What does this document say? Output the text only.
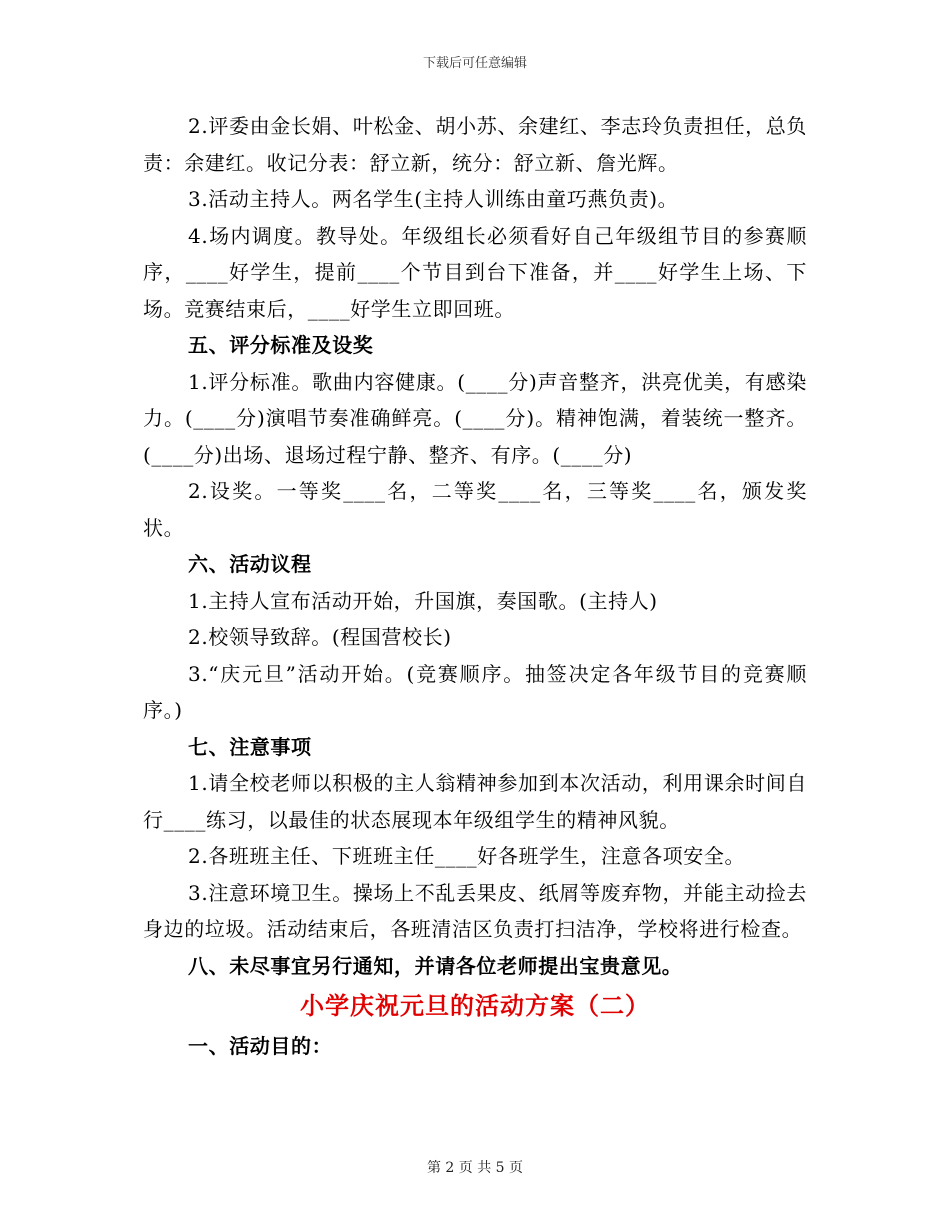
下载后可任意编辑

2.评委由金长娟、叶松金、胡小苏、余建红、李志玲负责担任，总负责：余建红。收记分表：舒立新，统分：舒立新、詹光辉。

3.活动主持人。两名学生(主持人训练由童巧燕负责)。

4.场内调度。教导处。年级组长必须看好自己年级组节目的参赛顺序，____好学生，提前____个节目到台下准备，并____好学生上场、下场。竞赛结束后，____好学生立即回班。

五、评分标准及设奖

1.评分标准。歌曲内容健康。(____分)声音整齐，洪亮优美，有感染力。(____分)演唱节奏准确鲜亮。(____分)。精神饱满，着装统一整齐。(____分)出场、退场过程宁静、整齐、有序。(____分)

2.设奖。一等奖____名，二等奖____名，三等奖____名，颁发奖状。

六、活动议程

1.主持人宣布活动开始，升国旗，奏国歌。(主持人)

2.校领导致辞。(程国营校长)

3.“庆元旦”活动开始。(竞赛顺序。抽签决定各年级节目的竞赛顺序。)

七、注意事项

1.请全校老师以积极的主人翁精神参加到本次活动，利用课余时间自行____练习，以最佳的状态展现本年级组学生的精神风貌。

2.各班班主任、下班班主任____好各班学生，注意各项安全。

3.注意环境卫生。操场上不乱丢果皮、纸屑等废弃物，并能主动捡去身边的垃圾。活动结束后，各班清洁区负责打扫洁净，学校将进行检查。

八、未尽事宜另行通知，并请各位老师提出宝贵意见。

小学庆祝元旦的活动方案（二）

一、活动目的：

第 2 页 共 5 页
